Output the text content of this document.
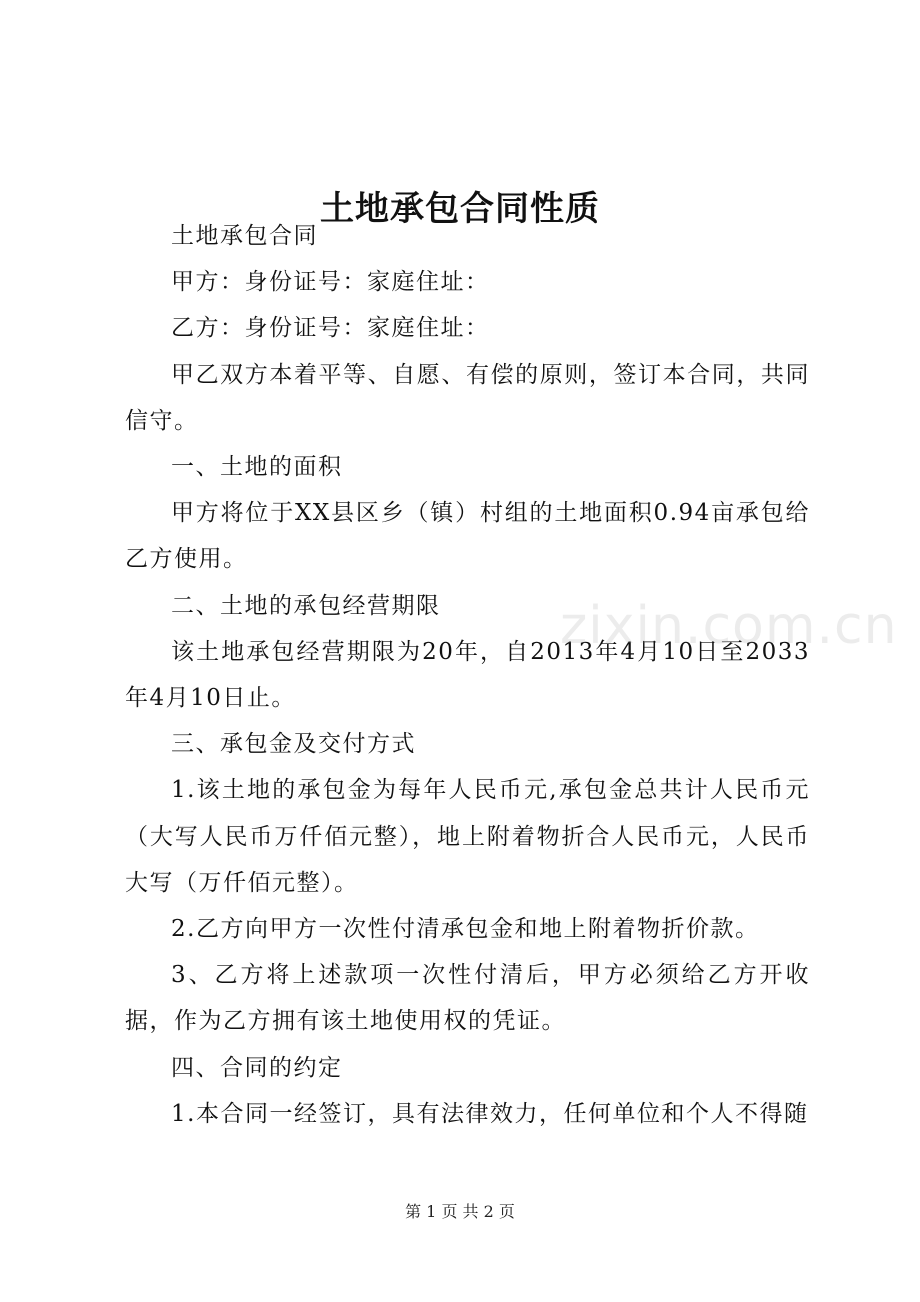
土地承包合同性质

土地承包合同

甲方：身份证号：家庭住址：

乙方：身份证号：家庭住址：

甲乙双方本着平等、自愿、有偿的原则，签订本合同，共同信守。

一、土地的面积

甲方将位于XX县区乡（镇）村组的土地面积0.94亩承包给乙方使用。

二、土地的承包经营期限

该土地承包经营期限为20年，自2013年4月10日至2033年4月10日止。

三、承包金及交付方式

1.该土地的承包金为每年人民币元,承包金总共计人民币元（大写人民币万仟佰元整），地上附着物折合人民币元，人民币大写（万仟佰元整）。

2.乙方向甲方一次性付清承包金和地上附着物折价款。

3、乙方将上述款项一次性付清后，甲方必须给乙方开收据，作为乙方拥有该土地使用权的凭证。

四、合同的约定

1.本合同一经签订，具有法律效力，任何单位和个人不得随

zixin.com.cn
第 1 页 共 2 页
